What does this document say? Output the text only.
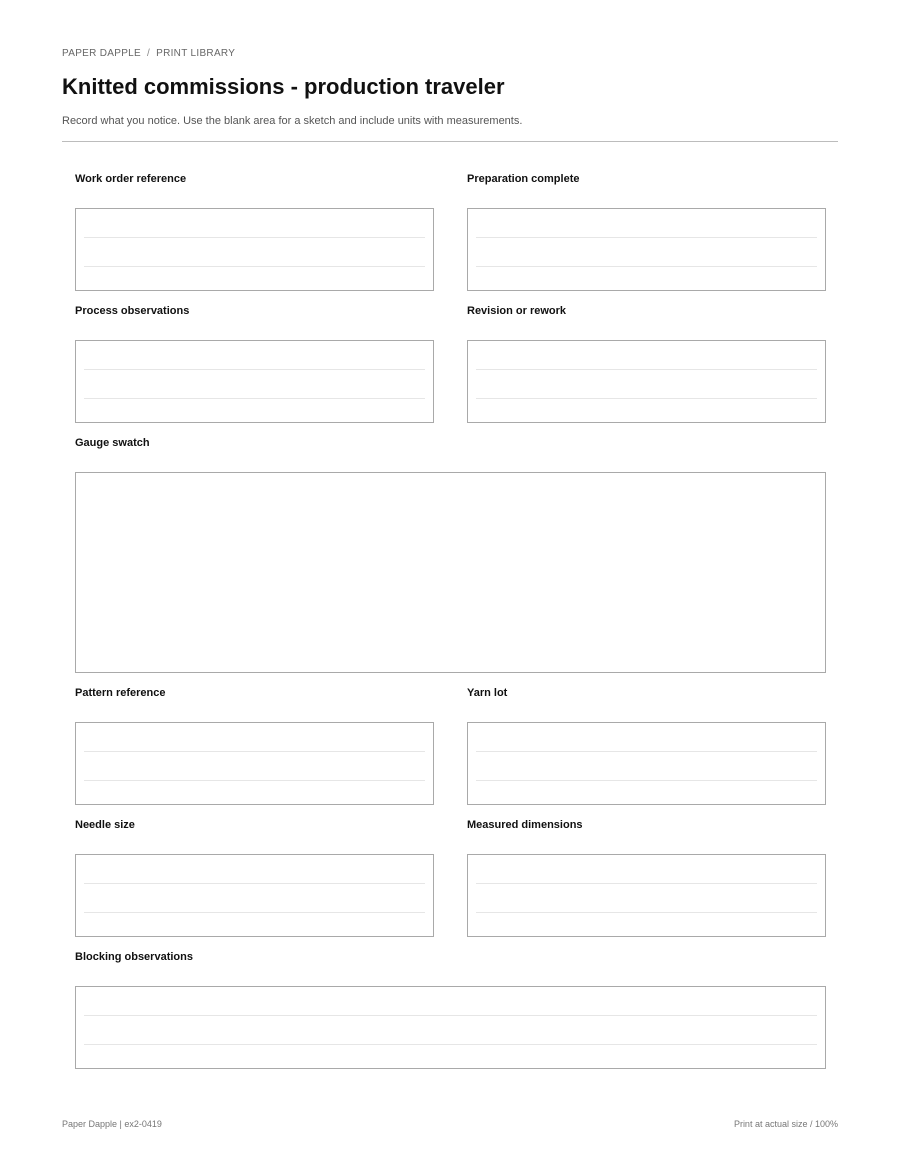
PAPER DAPPLE / PRINT LIBRARY
Knitted commissions - production traveler

Record what you notice. Use the blank area for a sketch and include units with measurements.

Work order reference	Preparation complete
Process observations	Revision or rework
Gauge swatch
Pattern reference	Yarn lot
Needle size	Measured dimensions
Blocking observations
Paper Dapple | ex2-0419	Print at actual size / 100%
